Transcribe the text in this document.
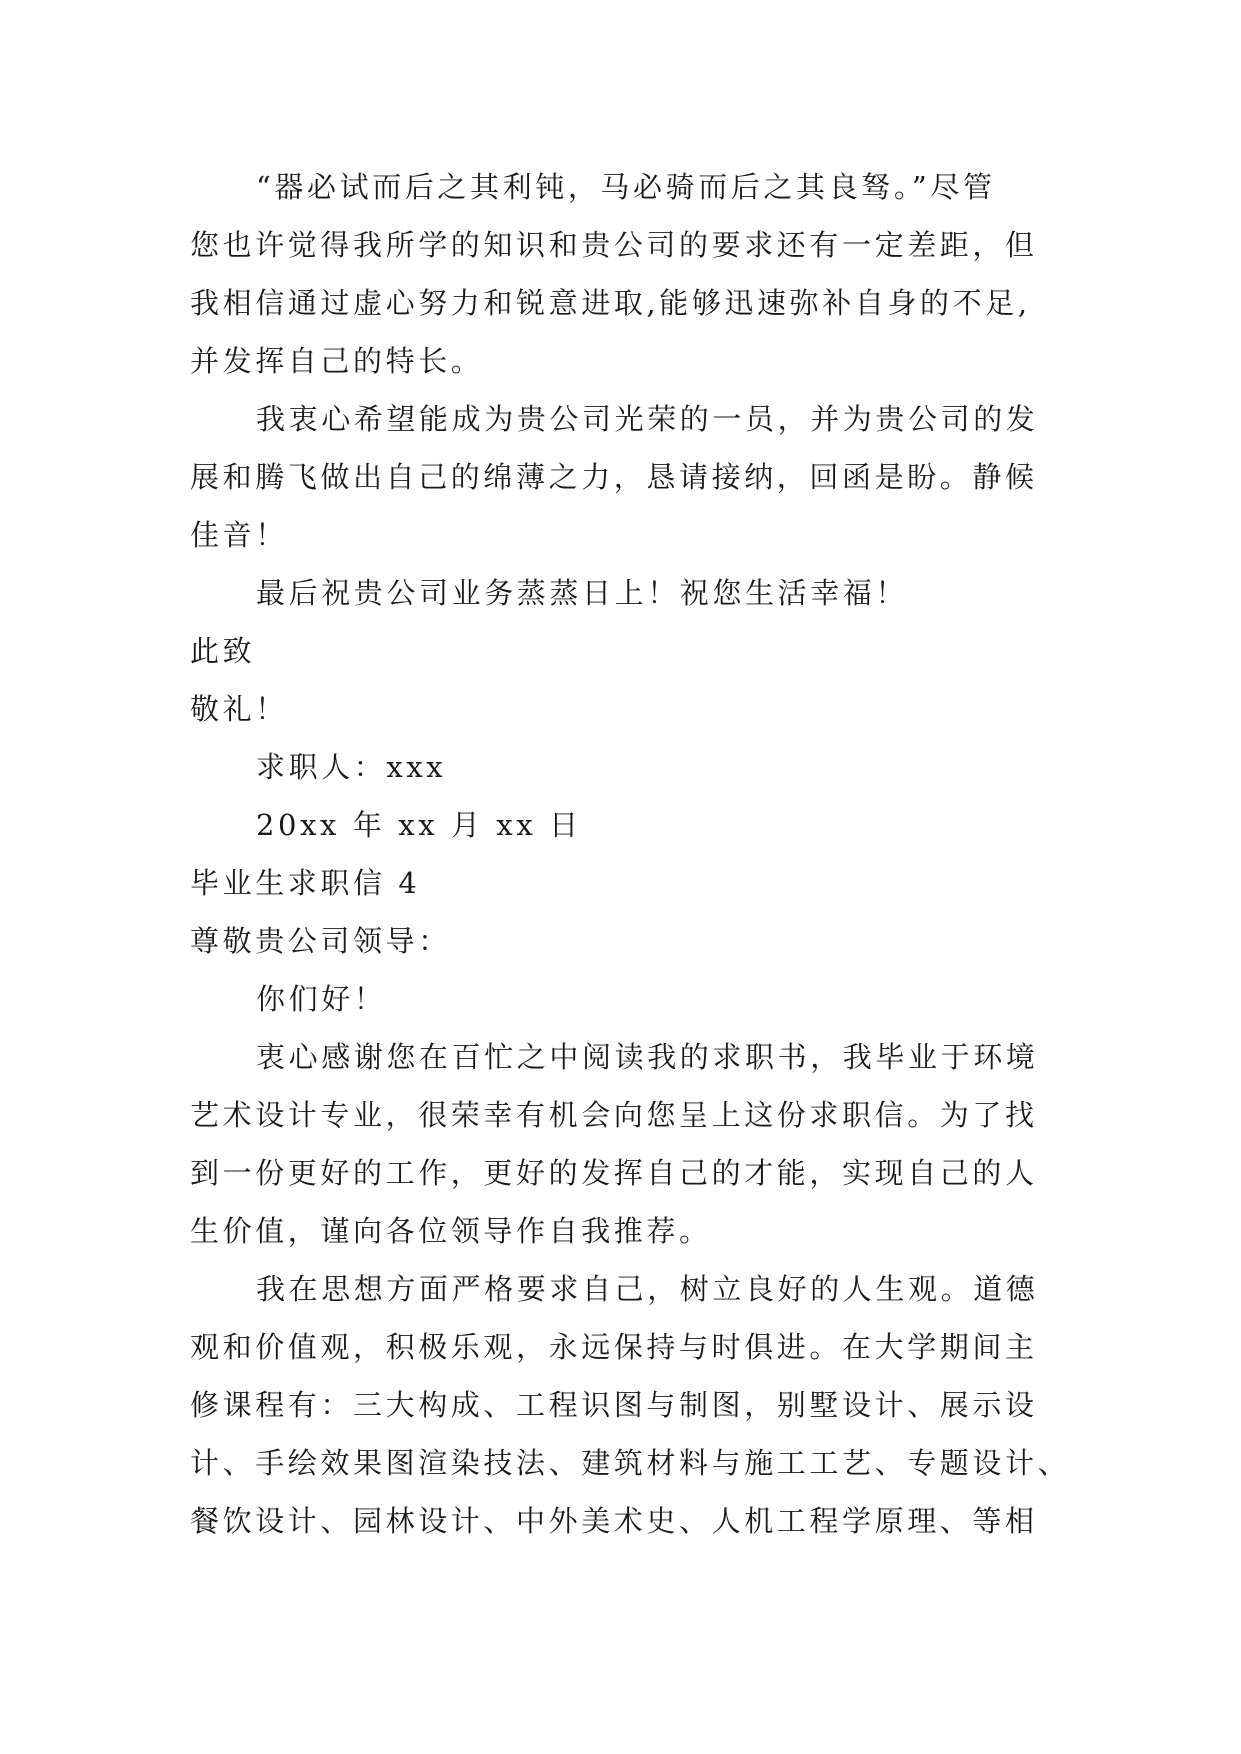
“器必试而后之其利钝，马必骑而后之其良驽。”尽管
您也许觉得我所学的知识和贵公司的要求还有一定差距，但
我相信通过虚心努力和锐意进取,能够迅速弥补自身的不足,
并发挥自己的特长。
我衷心希望能成为贵公司光荣的一员，并为贵公司的发
展和腾飞做出自己的绵薄之力，恳请接纳，回函是盼。静候
佳音！
最后祝贵公司业务蒸蒸日上！祝您生活幸福！
此致
敬礼！
求职人：xxx
20xx 年 xx 月 xx 日
毕业生求职信 4
尊敬贵公司领导：
你们好！
衷心感谢您在百忙之中阅读我的求职书，我毕业于环境
艺术设计专业，很荣幸有机会向您呈上这份求职信。为了找
到一份更好的工作，更好的发挥自己的才能，实现自己的人
生价值，谨向各位领导作自我推荐。
我在思想方面严格要求自己，树立良好的人生观。道德
观和价值观，积极乐观，永远保持与时俱进。在大学期间主
修课程有：三大构成、工程识图与制图，别墅设计、展示设
计、手绘效果图渲染技法、建筑材料与施工工艺、专题设计、
餐饮设计、园林设计、中外美术史、人机工程学原理、等相
